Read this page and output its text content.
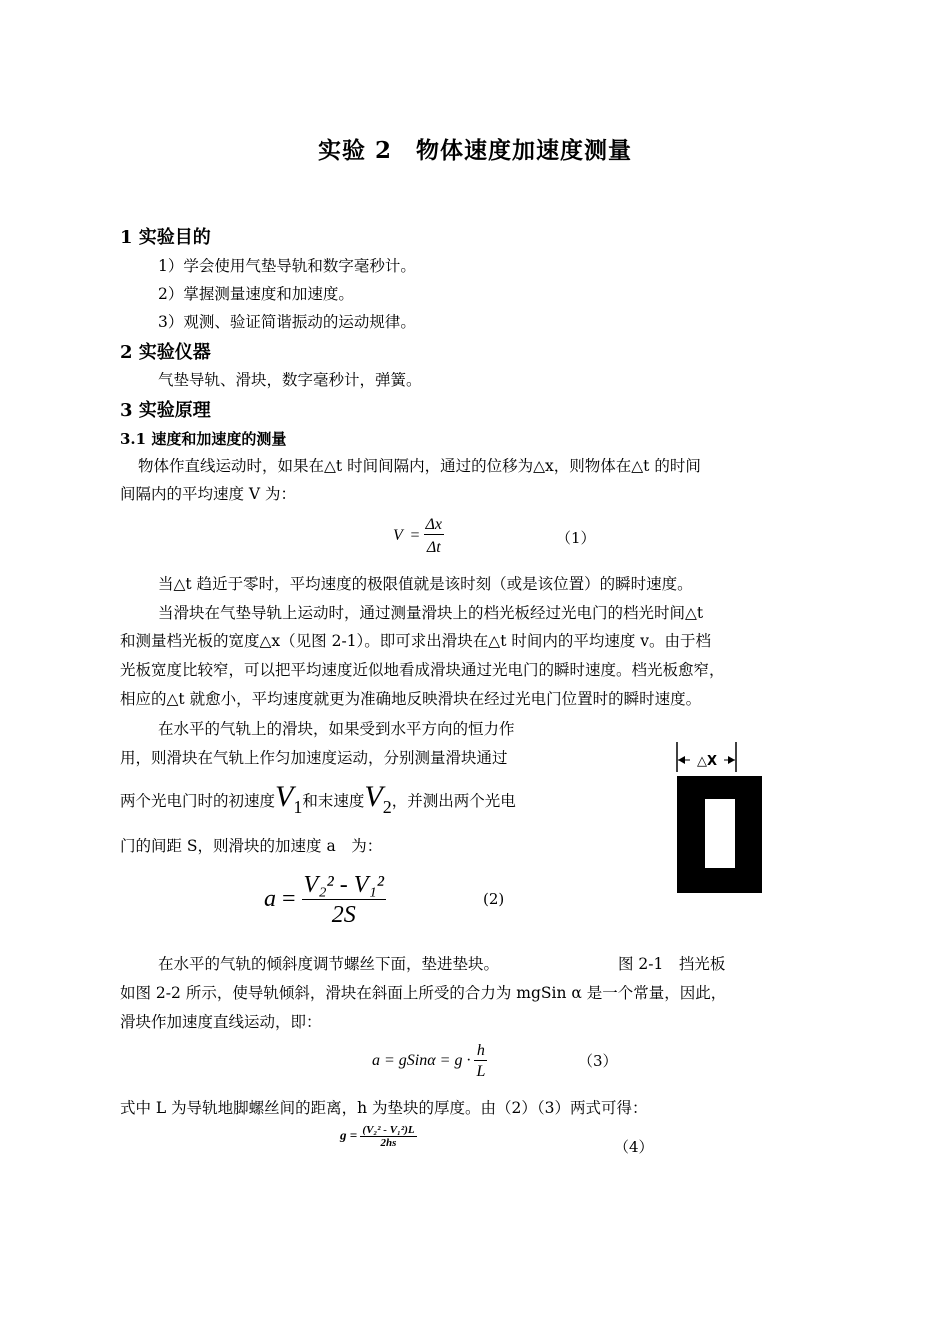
实验 2　物体速度加速度测量
1 实验目的
1）学会使用气垫导轨和数字毫秒计。
2）掌握测量速度和加速度。
3）观测、验证简谐振动的运动规律。
2 实验仪器
气垫导轨、滑块，数字毫秒计，弹簧。
3 实验原理
3.1 速度和加速度的测量
物体作直线运动时，如果在△t 时间间隔内，通过的位移为△x，则物体在△t 的时间
间隔内的平均速度 V 为：
$V = \frac{\Delta x}{\Delta t}$	（1）
当△t 趋近于零时，平均速度的极限值就是该时刻（或是该位置）的瞬时速度。
当滑块在气垫导轨上运动时，通过测量滑块上的档光板经过光电门的档光时间△t
和测量档光板的宽度△x（见图 2-1）。即可求出滑块在△t 时间内的平均速度 v。由于档
光板宽度比较窄，可以把平均速度近似地看成滑块通过光电门的瞬时速度。档光板愈窄，
相应的△t 就愈小，平均速度就更为准确地反映滑块在经过光电门位置时的瞬时速度。
在水平的气轨上的滑块，如果受到水平方向的恒力作
用，则滑块在气轨上作匀加速度运动，分别测量滑块通过
两个光电门时的初速度$V_1$和末速度$V_2$，并测出两个光电
门的间距 S，则滑块的加速度 a　为：
$a = \frac{\text{V₂² - V₁²}}{2S}$	(2)
△X
在水平的气轨的倾斜度调节螺丝下面，垫进垫块。	图 2-1　挡光板
如图 2-2 所示，使导轨倾斜，滑块在斜面上所受的合力为 mgSin α 是一个常量，因此，
滑块作加速度直线运动，即：
a = gSinα = $g \cdot \frac{h}{L}$	（3）
式中 L 为导轨地脚螺丝间的距离，h 为垫块的厚度。由（2）（3）两式可得：
$g = \frac{\text{(V₂² - V₁²)L}}{2hs}$	（4）
